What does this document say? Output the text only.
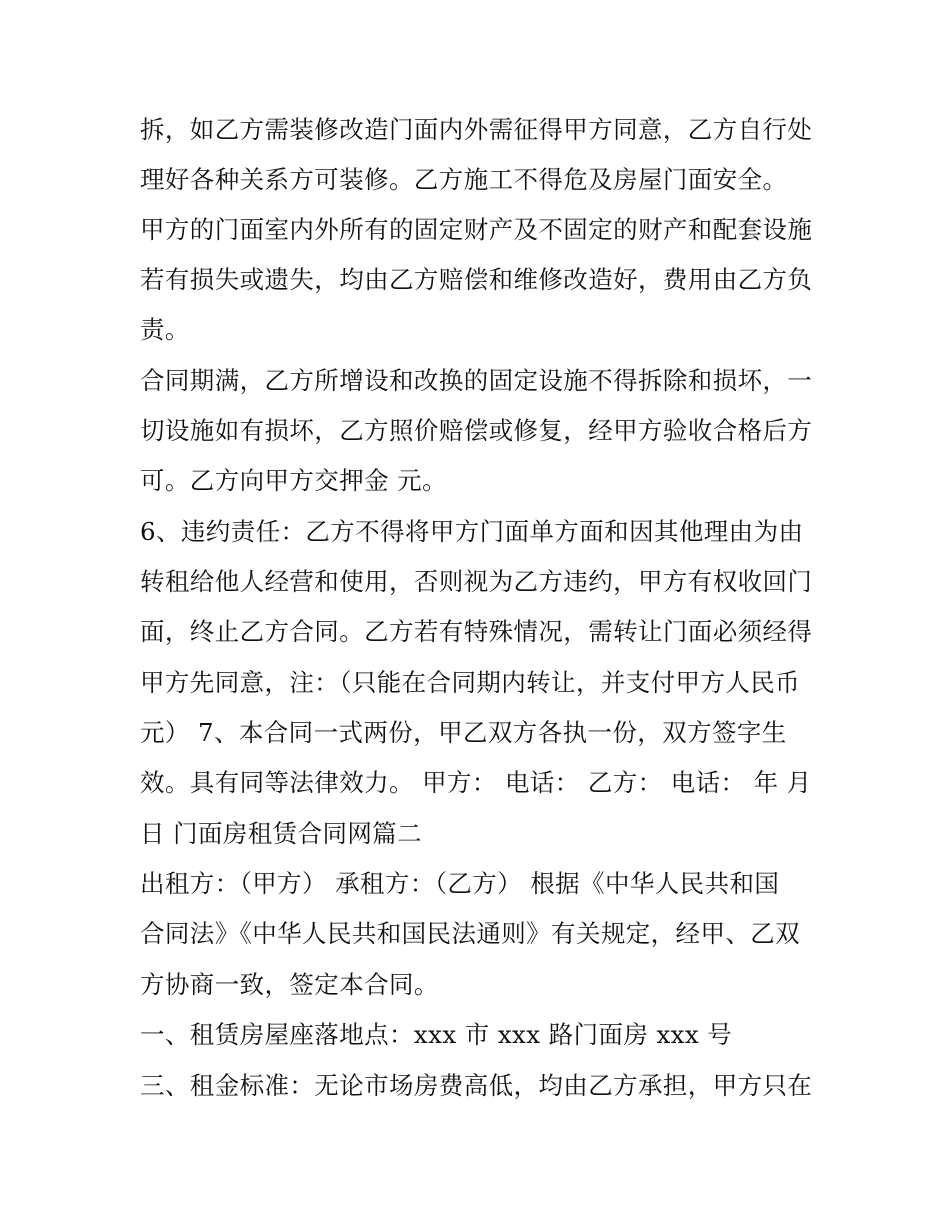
拆，如乙方需装修改造门面内外需征得甲方同意，乙方自行处
理好各种关系方可装修。乙方施工不得危及房屋门面安全。
甲方的门面室内外所有的固定财产及不固定的财产和配套设施
若有损失或遗失，均由乙方赔偿和维修改造好，费用由乙方负
责。
合同期满，乙方所增设和改换的固定设施不得拆除和损坏，一
切设施如有损坏，乙方照价赔偿或修复，经甲方验收合格后方
可。乙方向甲方交押金 元。
6、违约责任：乙方不得将甲方门面单方面和因其他理由为由
转租给他人经营和使用，否则视为乙方违约，甲方有权收回门
面，终止乙方合同。乙方若有特殊情况，需转让门面必须经得
甲方先同意，注：（只能在合同期内转让，并支付甲方人民币
元） 7、本合同一式两份，甲乙双方各执一份，双方签字生
效。具有同等法律效力。 甲方： 电话： 乙方： 电话： 年 月
日 门面房租赁合同网篇二
出租方：（甲方） 承租方：（乙方） 根据《中华人民共和国
合同法》《中华人民共和国民法通则》有关规定，经甲、乙双
方协商一致，签定本合同。
一、租赁房屋座落地点：xxx 市 xxx 路门面房 xxx 号
三、租金标准：无论市场房费高低，均由乙方承担，甲方只在
